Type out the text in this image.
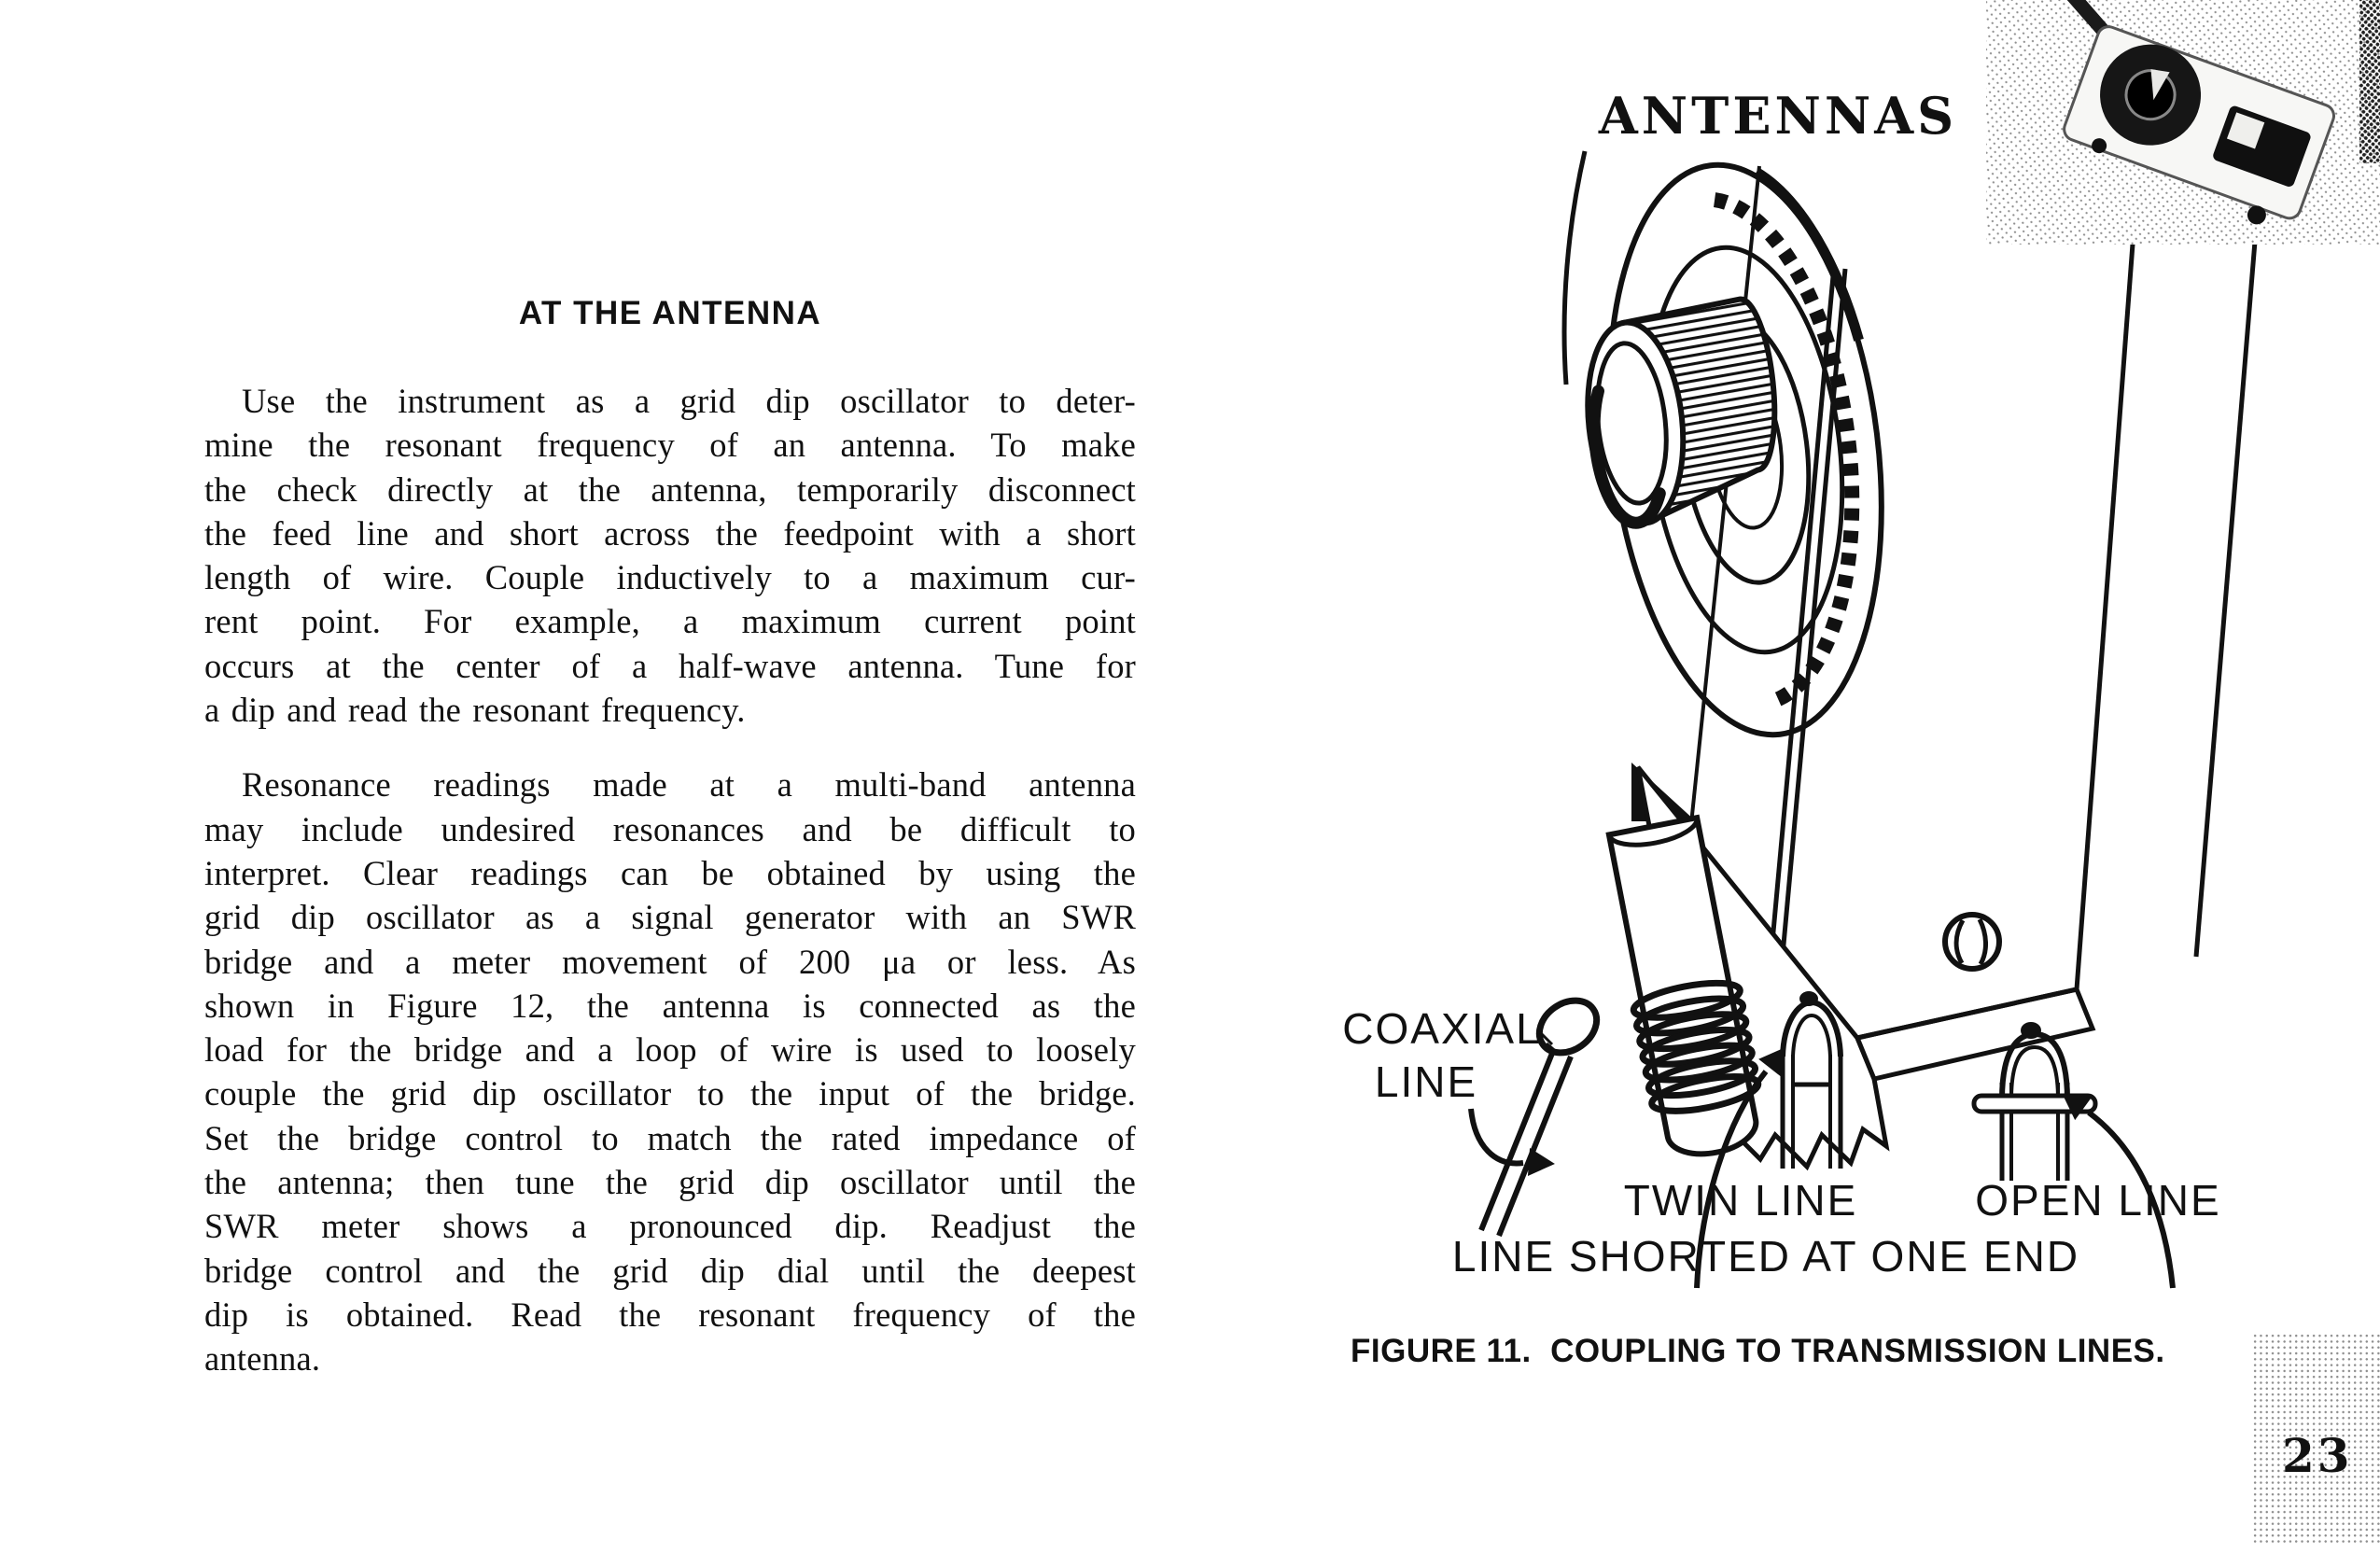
AT THE ANTENNA
Use the instrument as a grid dip oscillator to deter-
mine the resonant frequency of an antenna. To make
the check directly at the antenna, temporarily disconnect
the feed line and short across the feedpoint with a short
length of wire. Couple inductively to a maximum cur-
rent point. For example, a maximum current point
occurs at the center of a half-wave antenna. Tune for
a dip and read the resonant frequency.
Resonance readings made at a multi-band antenna
may include undesired resonances and be difficult to
interpret. Clear readings can be obtained by using the
grid dip oscillator as a signal generator with an SWR
bridge and a meter movement of 200 μa or less. As
shown in Figure 12, the antenna is connected as the
load for the bridge and a loop of wire is used to loosely
couple the grid dip oscillator to the input of the bridge.
Set the bridge control to match the rated impedance of
the antenna; then tune the grid dip oscillator until the
SWR meter shows a pronounced dip. Readjust the
bridge control and the grid dip dial until the deepest
dip is obtained. Read the resonant frequency of the
antenna.
ANTENNAS
COAXIAL
LINE
TWIN LINE	OPEN LINE
LINE SHORTED AT ONE END
FIGURE 11.  COUPLING TO TRANSMISSION LINES.
23
